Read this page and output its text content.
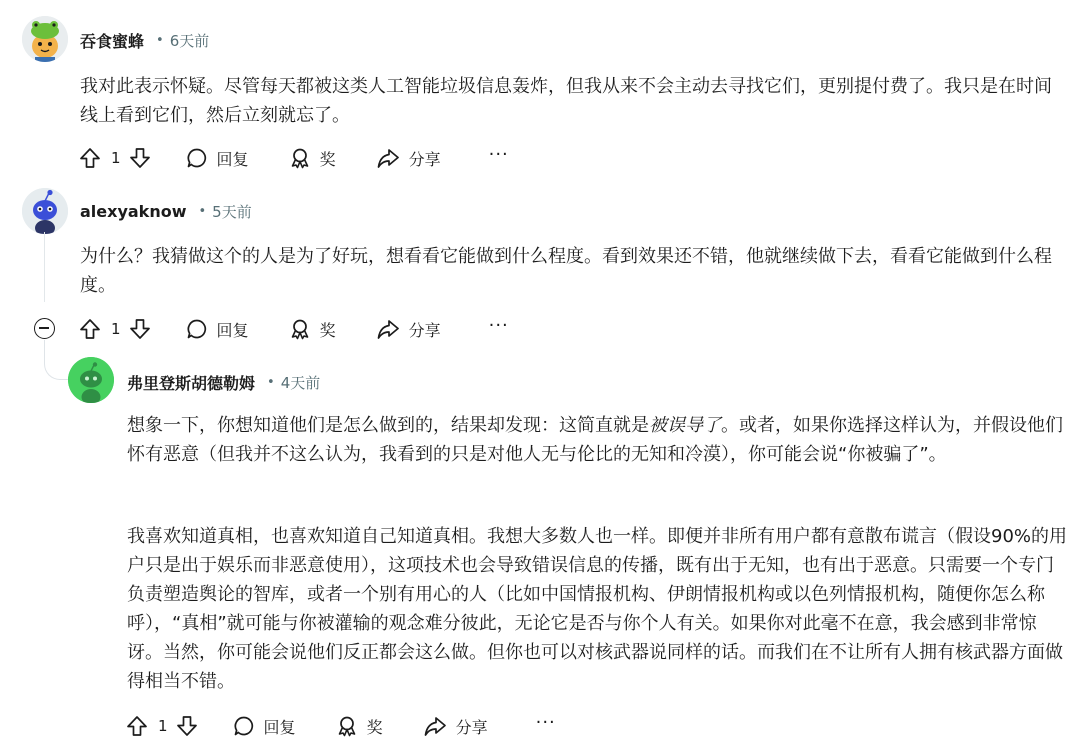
吞食蜜蜂 • 6天前
我对此表示怀疑。尽管每天都被这类人工智能垃圾信息轰炸，但我从来不会主动去寻找它们，更别提付费了。我只是在时间线上看到它们，然后立刻就忘了。
1	回复	奖	分享	···
alexyaknow • 5天前
为什么？我猜做这个的人是为了好玩，想看看它能做到什么程度。看到效果还不错，他就继续做下去，看看它能做到什么程度。
1	回复	奖	分享	···
弗里登斯胡德勒姆 • 4天前
想象一下，你想知道他们是怎么做到的，结果却发现：这简直就是被误导了。或者，如果你选择这样认为，并假设他们怀有恶意（但我并不这么认为，我看到的只是对他人无与伦比的无知和冷漠），你可能会说“你被骗了”。
我喜欢知道真相，也喜欢知道自己知道真相。我想大多数人也一样。即便并非所有用户都有意散布谎言（假设90%的用户只是出于娱乐而非恶意使用），这项技术也会导致错误信息的传播，既有出于无知，也有出于恶意。只需要一个专门负责塑造舆论的智库，或者一个别有用心的人（比如中国情报机构、伊朗情报机构或以色列情报机构，随便你怎么称呼），“真相”就可能与你被灌输的观念难分彼此，无论它是否与你个人有关。如果你对此毫不在意，我会感到非常惊讶。当然，你可能会说他们反正都会这么做。但你也可以对核武器说同样的话。而我们在不让所有人拥有核武器方面做得相当不错。
1	回复	奖	分享	···
